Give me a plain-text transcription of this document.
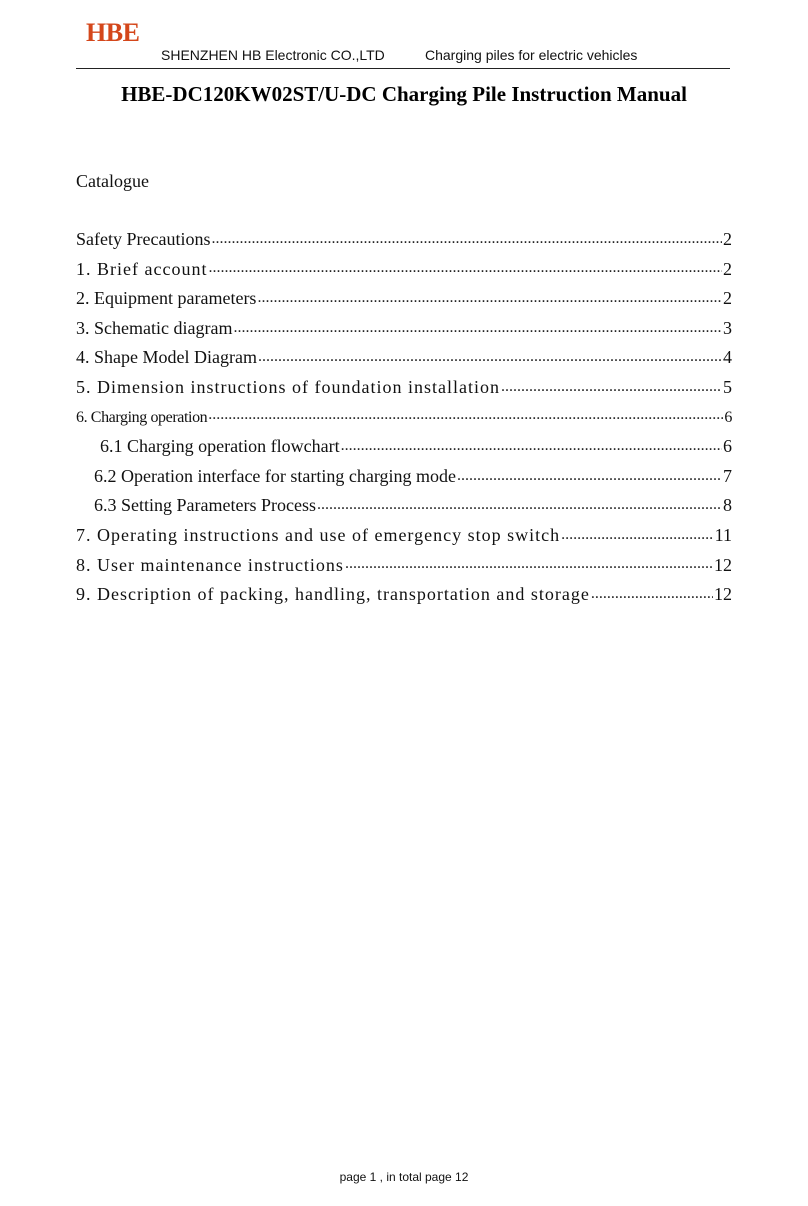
HBE
SHENZHEN HB Electronic CO.,LTD	Charging piles for electric vehicles
HBE-DC120KW02ST/U-DC Charging Pile Instruction Manual
Catalogue
Safety Precautions .....	2
1. Brief account .....	2
2. Equipment parameters .....	2
3. Schematic diagram .....	3
4. Shape Model Diagram .....	4
5. Dimension instructions of foundation installation .....	5
6. Charging operation .....	6
6.1 Charging operation flowchart .....	6
6.2 Operation interface for starting charging mode .....	7
6.3 Setting Parameters Process .....	8
7. Operating instructions and use of emergency stop switch .....	11
8. User maintenance instructions .....	12
9. Description of packing, handling, transportation and storage .....	12
page 1 , in total page 12
